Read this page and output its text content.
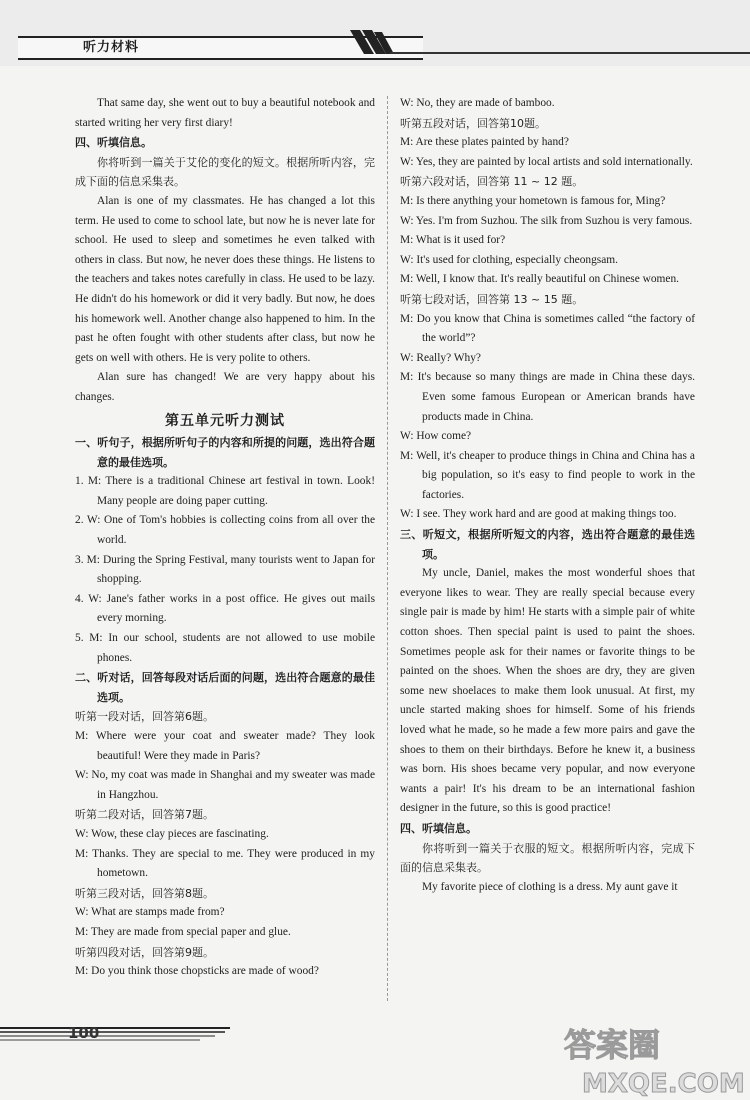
听力材料

That same day, she went out to buy a beautiful notebook and started writing her very first diary!

四、听填信息。

你将听到一篇关于艾伦的变化的短文。根据所听内容，完成下面的信息采集表。

Alan is one of my classmates. He has changed a lot this term. He used to come to school late, but now he is never late for school. He used to sleep and sometimes he even talked with others in class. But now, he never does these things. He listens to the teachers and takes notes carefully in class. He used to be lazy. He didn't do his homework or did it very badly. But now, he does his homework well. Another change also happened to him. In the past he often fought with other students after class, but now he gets on well with others. He is very polite to others.

Alan sure has changed! We are very happy about his changes.

第五单元听力测试

一、听句子，根据所听句子的内容和所提的问题，选出符合题意的最佳选项。

1. M: There is a traditional Chinese art festival in town. Look! Many people are doing paper cutting.

2. W: One of Tom's hobbies is collecting coins from all over the world.

3. M: During the Spring Festival, many tourists went to Japan for shopping.

4. W: Jane's father works in a post office. He gives out mails every morning.

5. M: In our school, students are not allowed to use mobile phones.

二、听对话，回答每段对话后面的问题，选出符合题意的最佳选项。

听第一段对话，回答第6题。

M: Where were your coat and sweater made? They look beautiful! Were they made in Paris?

W: No, my coat was made in Shanghai and my sweater was made in Hangzhou.

听第二段对话，回答第7题。

W: Wow, these clay pieces are fascinating.

M: Thanks. They are special to me. They were produced in my hometown.

听第三段对话，回答第8题。

W: What are stamps made from?

M: They are made from special paper and glue.

听第四段对话，回答第9题。

M: Do you think those chopsticks are made of wood?

W: No, they are made of bamboo.

听第五段对话，回答第10题。

M: Are these plates painted by hand?

W: Yes, they are painted by local artists and sold internationally.

听第六段对话，回答第 11 ~ 12 题。

M: Is there anything your hometown is famous for, Ming?

W: Yes. I'm from Suzhou. The silk from Suzhou is very famous.

M: What is it used for?

W: It's used for clothing, especially cheongsam.

M: Well, I know that. It's really beautiful on Chinese women.

听第七段对话，回答第 13 ~ 15 题。

M: Do you know that China is sometimes called “the factory of the world”?

W: Really? Why?

M: It's because so many things are made in China these days. Even some famous European or American brands have products made in China.

W: How come?

M: Well, it's cheaper to produce things in China and China has a big population, so it's easy to find people to work in the factories.

W: I see. They work hard and are good at making things too.

三、听短文，根据所听短文的内容，选出符合题意的最佳选项。

My uncle, Daniel, makes the most wonderful shoes that everyone likes to wear. They are really special because every single pair is made by him! He starts with a simple pair of white cotton shoes. Then special paint is used to paint the shoes. Sometimes people ask for their names or favorite things to be painted on the shoes. When the shoes are dry, they are given some new shoelaces to make them look unusual. At first, my uncle started making shoes for himself. Some of his friends loved what he made, so he made a few more pairs and gave the shoes to them on their birthdays. Before he knew it, a business was born. His shoes became very popular, and now everyone wants a pair! It's his dream to be an international fashion designer in the future, so this is good practice!

四、听填信息。

你将听到一篇关于衣服的短文。根据所听内容，完成下面的信息采集表。

My favorite piece of clothing is a dress. My aunt gave it

100	答案圈
MXQE.COM
